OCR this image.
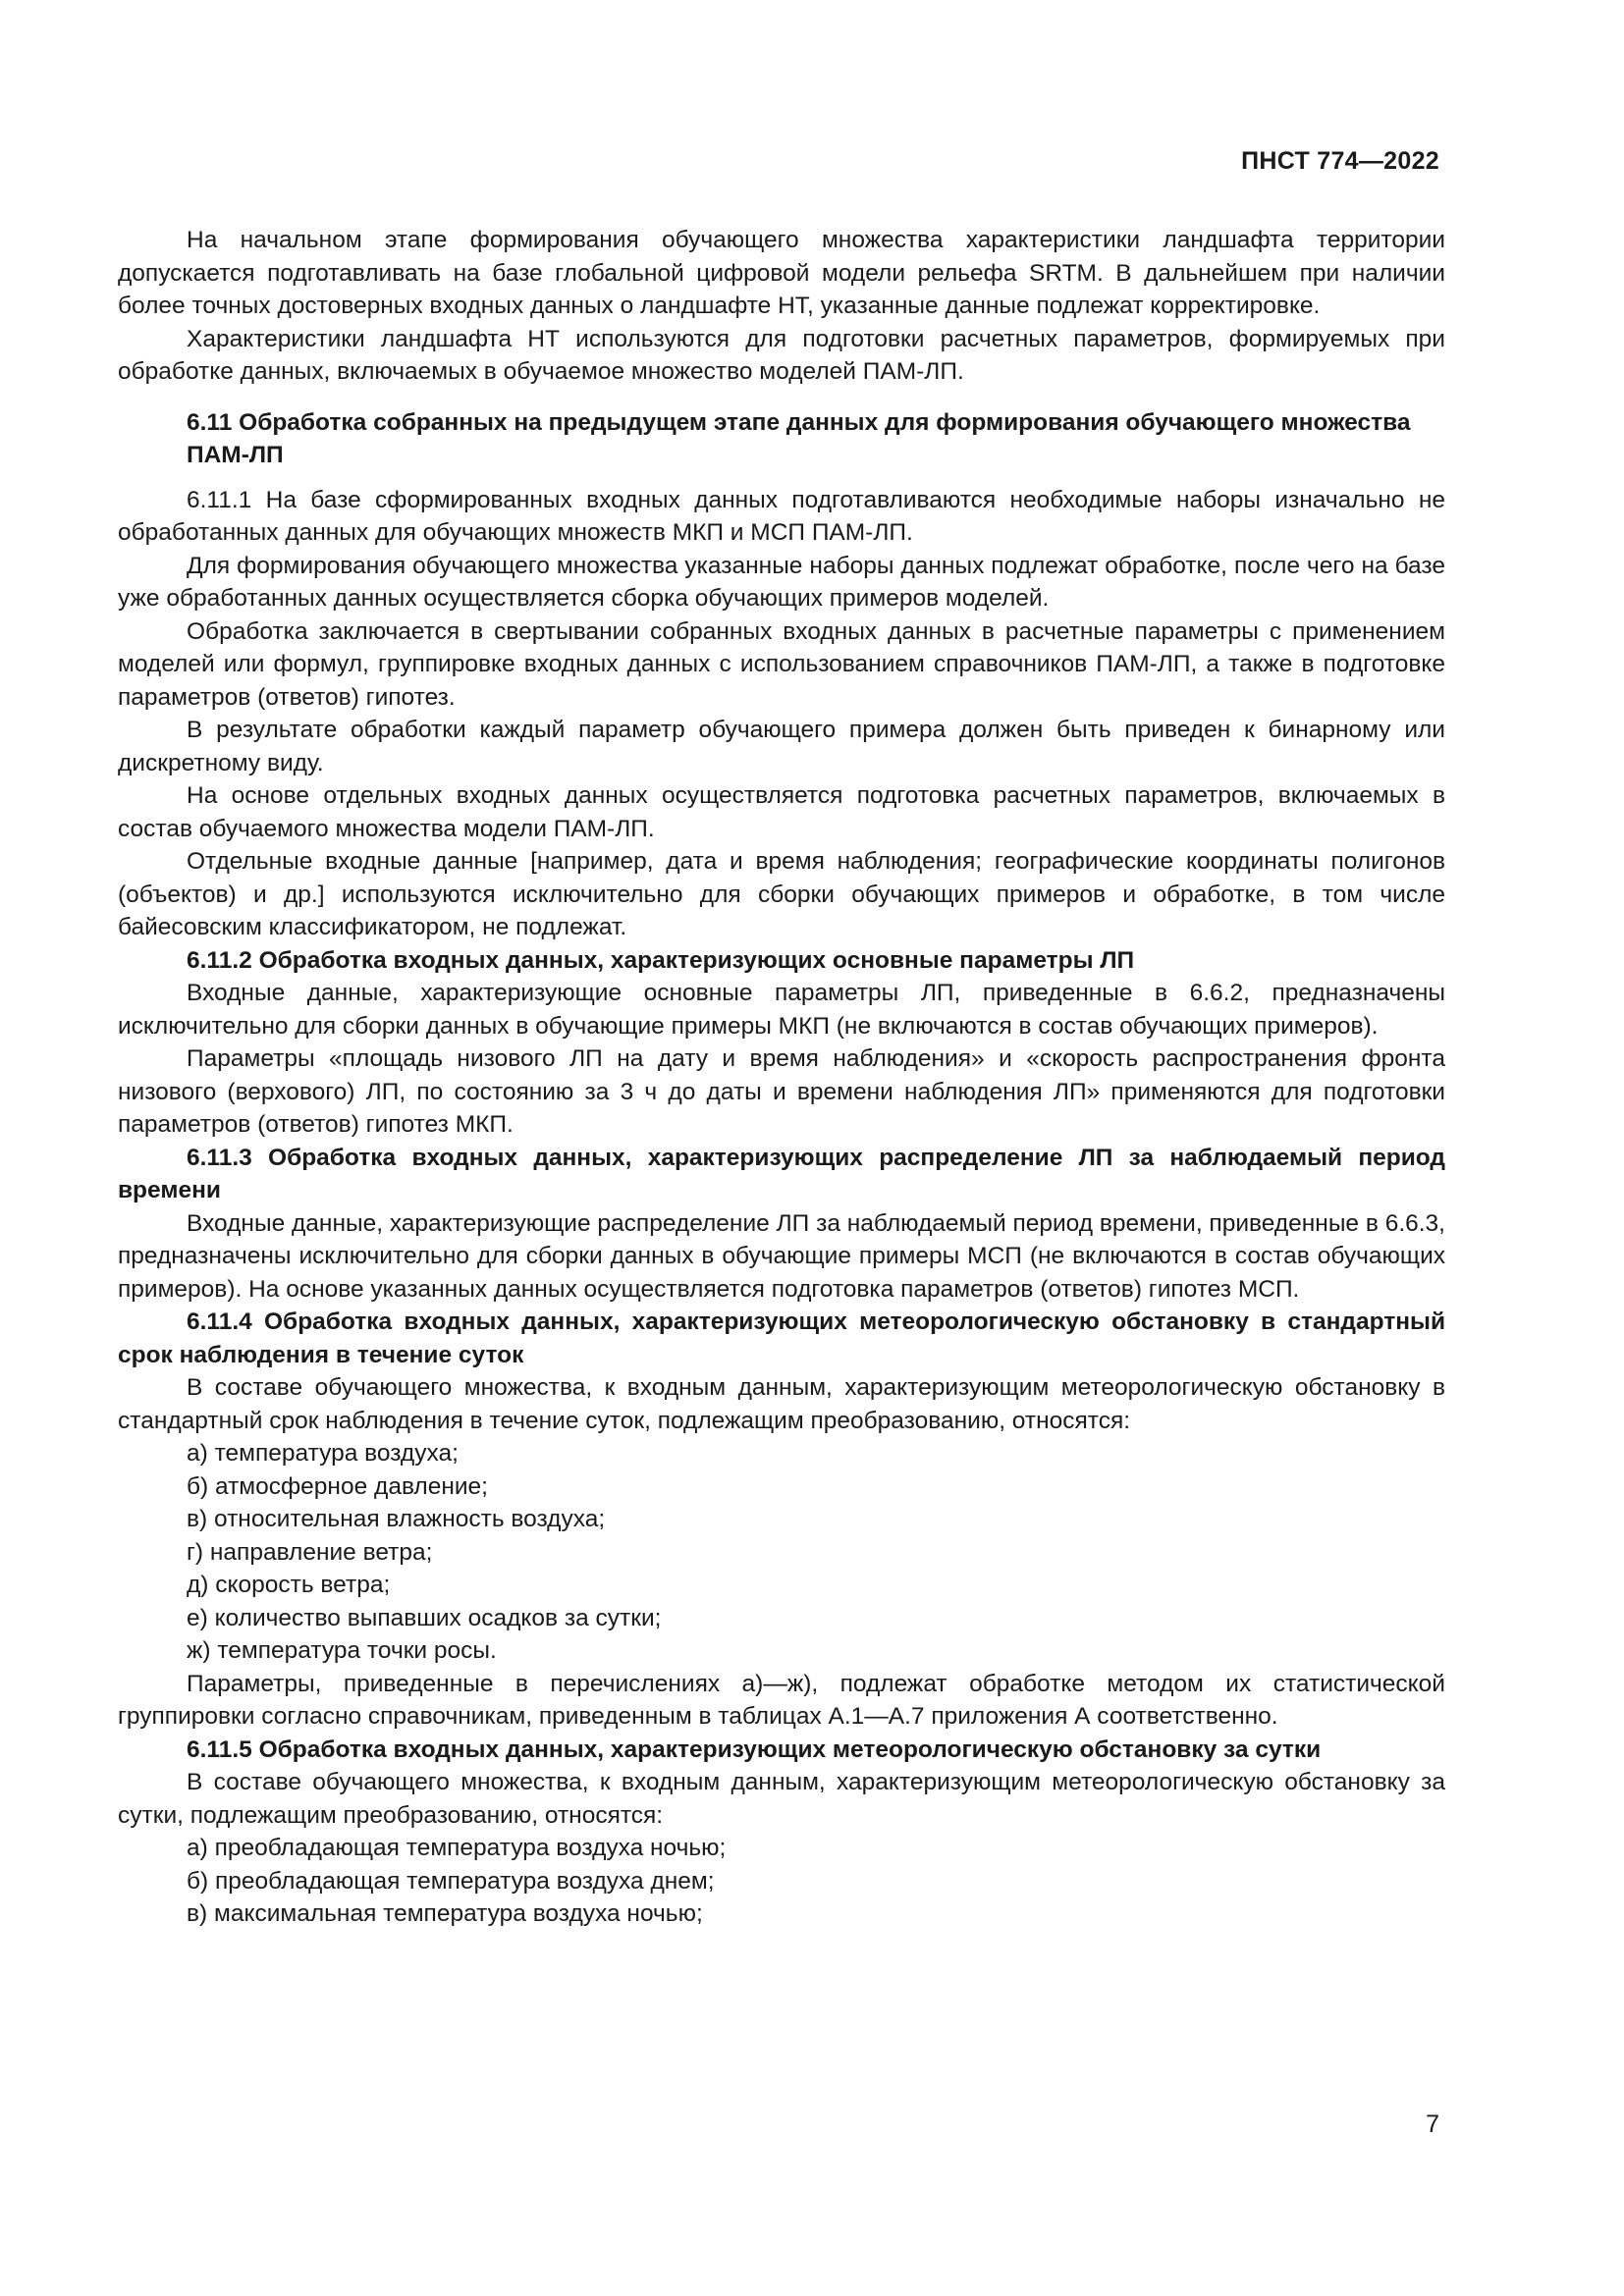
ПНСТ 774—2022

На начальном этапе формирования обучающего множества характеристики ландшафта территории допускается подготавливать на базе глобальной цифровой модели рельефа SRTM. В дальнейшем при наличии более точных достоверных входных данных о ландшафте НТ, указанные данные подлежат корректировке.

Характеристики ландшафта НТ используются для подготовки расчетных параметров, формируемых при обработке данных, включаемых в обучаемое множество моделей ПАМ-ЛП.

6.11 Обработка собранных на предыдущем этапе данных для формирования обучающего множества ПАМ-ЛП

6.11.1 На базе сформированных входных данных подготавливаются необходимые наборы изначально не обработанных данных для обучающих множеств МКП и МСП ПАМ-ЛП.

Для формирования обучающего множества указанные наборы данных подлежат обработке, после чего на базе уже обработанных данных осуществляется сборка обучающих примеров моделей.

Обработка заключается в свертывании собранных входных данных в расчетные параметры с применением моделей или формул, группировке входных данных с использованием справочников ПАМ-ЛП, а также в подготовке параметров (ответов) гипотез.

В результате обработки каждый параметр обучающего примера должен быть приведен к бинарному или дискретному виду.

На основе отдельных входных данных осуществляется подготовка расчетных параметров, включаемых в состав обучаемого множества модели ПАМ-ЛП.

Отдельные входные данные [например, дата и время наблюдения; географические координаты полигонов (объектов) и др.] используются исключительно для сборки обучающих примеров и обработке, в том числе байесовским классификатором, не подлежат.

6.11.2 Обработка входных данных, характеризующих основные параметры ЛП

Входные данные, характеризующие основные параметры ЛП, приведенные в 6.6.2, предназначены исключительно для сборки данных в обучающие примеры МКП (не включаются в состав обучающих примеров).

Параметры «площадь низового ЛП на дату и время наблюдения» и «скорость распространения фронта низового (верхового) ЛП, по состоянию за 3 ч до даты и времени наблюдения ЛП» применяются для подготовки параметров (ответов) гипотез МКП.

6.11.3 Обработка входных данных, характеризующих распределение ЛП за наблюдаемый период времени

Входные данные, характеризующие распределение ЛП за наблюдаемый период времени, приведенные в 6.6.3, предназначены исключительно для сборки данных в обучающие примеры МСП (не включаются в состав обучающих примеров). На основе указанных данных осуществляется подготовка параметров (ответов) гипотез МСП.

6.11.4 Обработка входных данных, характеризующих метеорологическую обстановку в стандартный срок наблюдения в течение суток

В составе обучающего множества, к входным данным, характеризующим метеорологическую обстановку в стандартный срок наблюдения в течение суток, подлежащим преобразованию, относятся:

а) температура воздуха;

б) атмосферное давление;

в) относительная влажность воздуха;

г) направление ветра;

д) скорость ветра;

е) количество выпавших осадков за сутки;

ж) температура точки росы.

Параметры, приведенные в перечислениях а)—ж), подлежат обработке методом их статистической группировки согласно справочникам, приведенным в таблицах А.1—А.7 приложения А соответственно.

6.11.5 Обработка входных данных, характеризующих метеорологическую обстановку за сутки

В составе обучающего множества, к входным данным, характеризующим метеорологическую обстановку за сутки, подлежащим преобразованию, относятся:

а) преобладающая температура воздуха ночью;

б) преобладающая температура воздуха днем;

в) максимальная температура воздуха ночью;

7
